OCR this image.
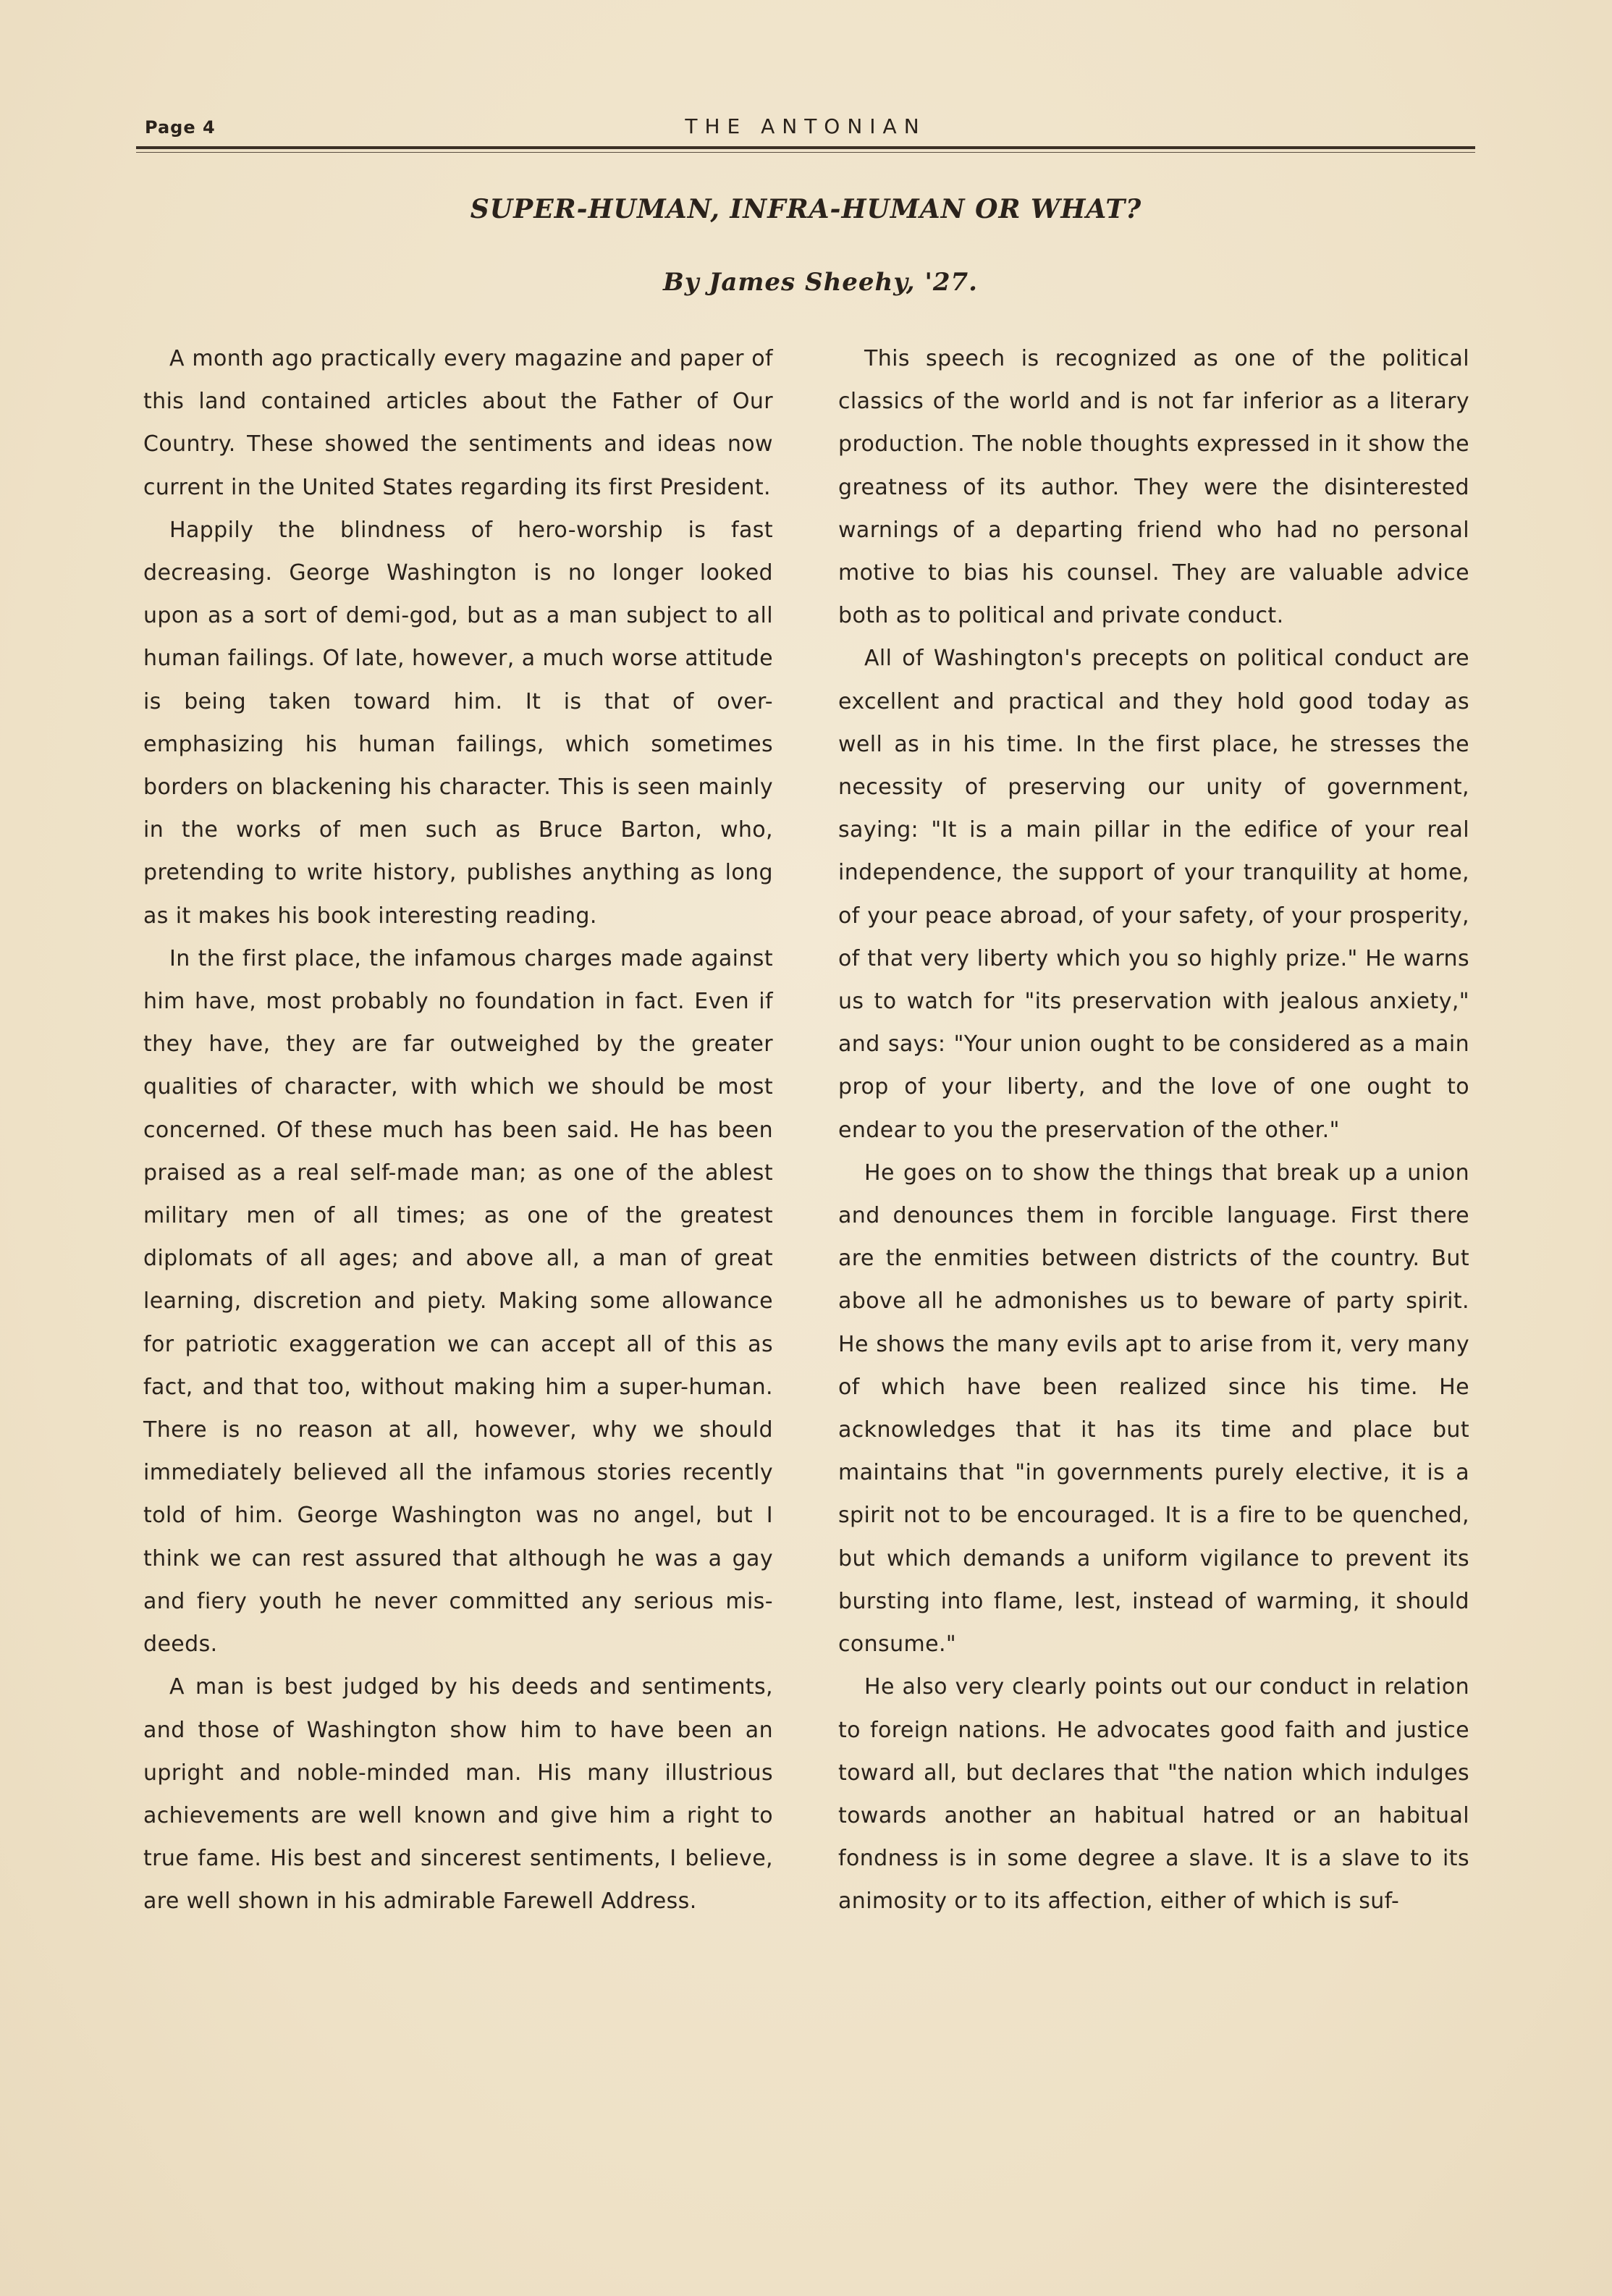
Page 4	THE ANTONIAN
SUPER-HUMAN, INFRA-HUMAN OR WHAT?
By James Sheehy, '27.

A month ago practically every magazine and paper of this land contained articles about the Father of Our Country. These showed the sentiments and ideas now current in the United States regarding its first President.

Happily the blindness of hero-worship is fast decreasing. George Washington is no longer looked upon as a sort of demi-god, but as a man subject to all human failings. Of late, however, a much worse attitude is being taken toward him. It is that of over-emphasizing his human failings, which sometimes borders on blackening his character. This is seen mainly in the works of men such as Bruce Barton, who, pretending to write history, publishes anything as long as it makes his book interesting reading.

In the first place, the infamous charges made against him have, most probably no foundation in fact. Even if they have, they are far outweighed by the greater qualities of character, with which we should be most concerned. Of these much has been said. He has been praised as a real self-made man; as one of the ablest military men of all times; as one of the greatest diplomats of all ages; and above all, a man of great learning, discretion and piety. Making some allowance for patriotic exaggeration we can accept all of this as fact, and that too, without making him a super-human. There is no reason at all, however, why we should immediately believed all the infamous stories recently told of him. George Washington was no angel, but I think we can rest assured that although he was a gay and fiery youth he never committed any serious mis-deeds.

A man is best judged by his deeds and sentiments, and those of Washington show him to have been an upright and noble-minded man. His many illustrious achievements are well known and give him a right to true fame. His best and sincerest sentiments, I believe, are well shown in his admirable Farewell Address.

This speech is recognized as one of the political classics of the world and is not far inferior as a literary production. The noble thoughts expressed in it show the greatness of its author. They were the disinterested warnings of a departing friend who had no personal motive to bias his counsel. They are valuable advice both as to political and private conduct.

All of Washington's precepts on political conduct are excellent and practical and they hold good today as well as in his time. In the first place, he stresses the necessity of preserving our unity of government, saying: "It is a main pillar in the edifice of your real independence, the support of your tranquility at home, of your peace abroad, of your safety, of your prosperity, of that very liberty which you so highly prize." He warns us to watch for "its preservation with jealous anxiety," and says: "Your union ought to be considered as a main prop of your liberty, and the love of one ought to endear to you the preservation of the other."

He goes on to show the things that break up a union and denounces them in forcible language. First there are the enmities between districts of the country. But above all he admonishes us to beware of party spirit. He shows the many evils apt to arise from it, very many of which have been realized since his time. He acknowledges that it has its time and place but maintains that "in governments purely elective, it is a spirit not to be encouraged. It is a fire to be quenched, but which demands a uniform vigilance to prevent its bursting into flame, lest, instead of warming, it should consume."

He also very clearly points out our conduct in relation to foreign nations. He advocates good faith and justice toward all, but declares that "the nation which indulges towards another an habitual hatred or an habitual fondness is in some degree a slave. It is a slave to its animosity or to its affection, either of which is suf-
